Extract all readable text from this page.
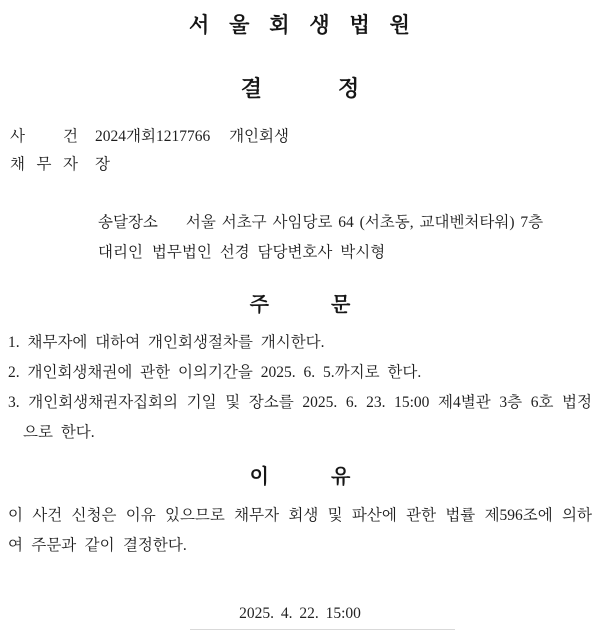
서 울 회 생 법 원
결	정
사 건 2024개회1217766 개인회생
채 무 자 장
송달장소 서울 서초구 사임당로 64 (서초동, 교대벤처타워) 7층
대리인 법무법인 선경 담당변호사 박시형
주	문
1. 채무자에 대하여 개인회생절차를 개시한다.
2. 개인회생채권에 관한 이의기간을 2025. 6. 5.까지로 한다.
3. 개인회생채권자집회의 기일 및 장소를 2025. 6. 23. 15:00 제4별관 3층 6호 법정으로 한다.
이	유
이 사건 신청은 이유 있으므로 채무자 회생 및 파산에 관한 법률 제596조에 의하여 주문과 같이 결정한다.
2025. 4. 22. 15:00
